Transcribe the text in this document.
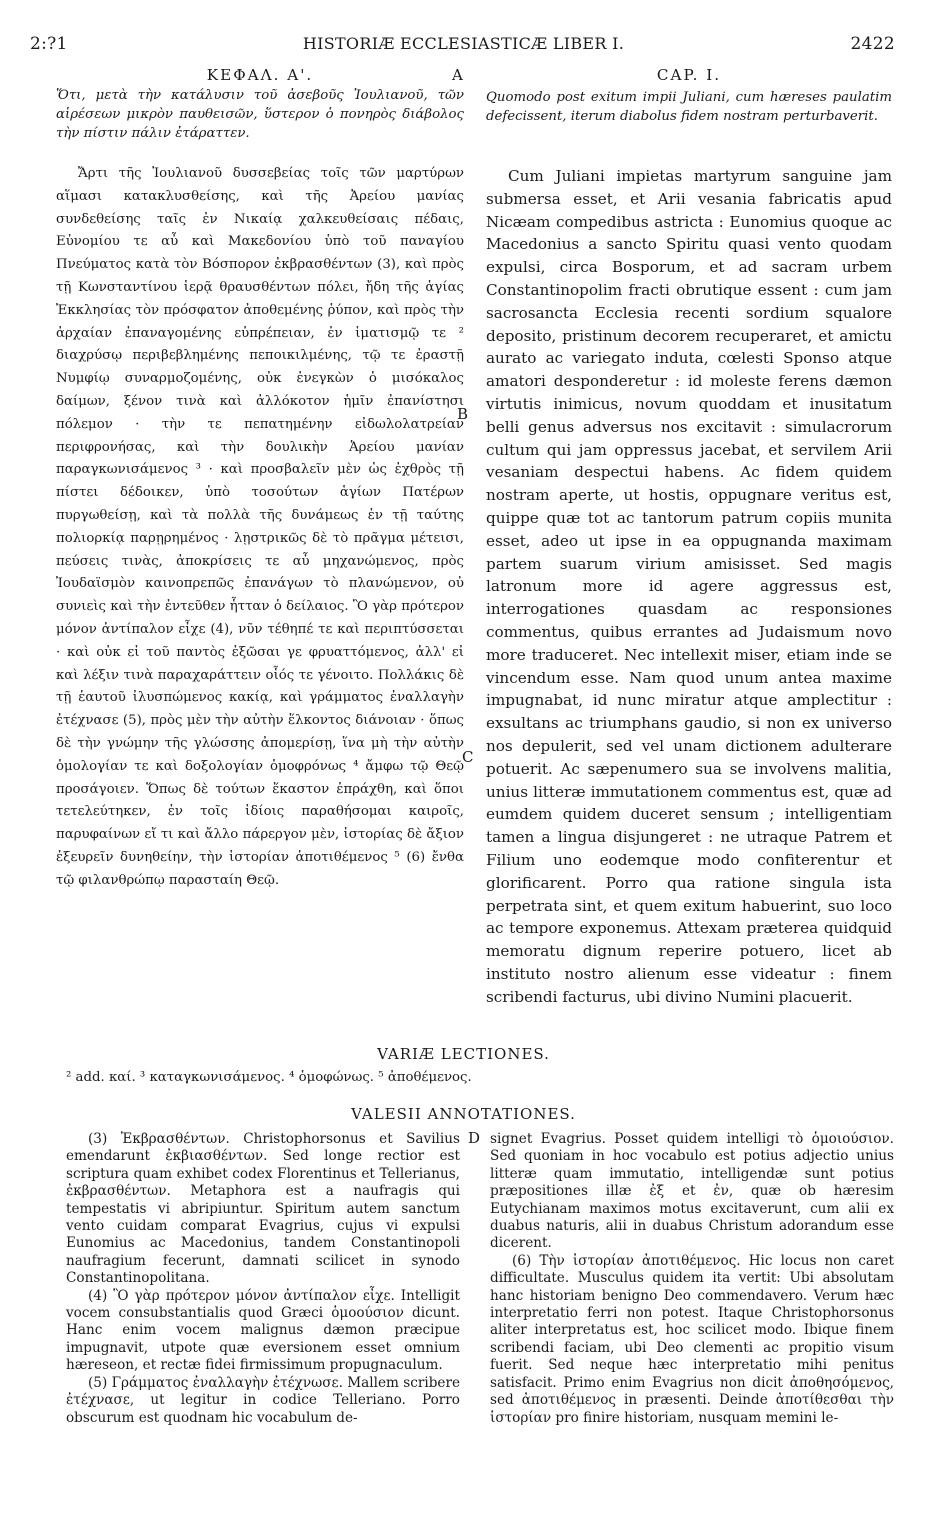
2:?1	HISTORIÆ ECCLESIASTICÆ LIBER I.	2422
ΚΕΦΑΛ. Α'.	A	CAP. I.
Ὅτι, μετὰ τὴν κατάλυσιν τοῦ ἀσεβοῦς Ἰουλιανοῦ, τῶν αἱρέσεων μικρὸν παυθεισῶν, ὕστερον ὁ πονηρὸς διάβολος τὴν πίστιν πάλιν ἐτάραττεν.
Quomodo post exitum impii Juliani, cum hæreses paulatim defecissent, iterum diabolus fidem nostram perturbaverit.
Ἄρτι τῆς Ἰουλιανοῦ δυσσεβείας τοῖς τῶν μαρτύρων αἵμασι κατακλυσθείσης, καὶ τῆς Ἀρείου μανίας συνδεθείσης ταῖς ἐν Νικαίᾳ χαλκευθείσαις πέδαις, Εὐνομίου τε αὖ καὶ Μακεδονίου ὑπὸ τοῦ παναγίου Πνεύματος κατὰ τὸν Βόσπορον ἐκβρασθέντων (3), καὶ πρὸς τῇ Κωνσταντίνου ἱερᾷ θραυσθέντων πόλει, ἤδη τῆς ἁγίας Ἐκκλησίας τὸν πρόσφατον ἀποθεμένης ῥύπον, καὶ πρὸς τὴν ἀρχαίαν ἐπαναγομένης εὐπρέπειαν, ἐν ἱματισμῷ τε ² διαχρύσῳ περιβεβλημένης πεποικιλμένης, τῷ τε ἐραστῇ Νυμφίῳ συναρμοζομένης, οὐκ ἐνεγκὼν ὁ μισόκαλος δαίμων, ξένον τινὰ καὶ ἀλλόκοτον ἡμῖν ἐπανίστησι πόλεμον · τὴν τε πεπατημένην εἰδωλολατρείαν περιφρονήσας, καὶ τὴν δουλικὴν Ἀρείου μανίαν παραγκωνισάμενος ³ · καὶ προσβαλεῖν μὲν ὡς ἐχθρὸς τῇ πίστει δέδοικεν, ὑπὸ τοσούτων ἁγίων Πατέρων πυργωθείσῃ, καὶ τὰ πολλὰ τῆς δυνάμεως ἐν τῇ ταύτης πολιορκίᾳ παρῃρημένος · λῃστρικῶς δὲ τὸ πρᾶγμα μέτεισι, πεύσεις τινὰς, ἀποκρίσεις τε αὖ μηχανώμενος, πρὸς Ἰουδαϊσμὸν καινοπρεπῶς ἐπανάγων τὸ πλανώμενον, οὐ συνιεὶς καὶ τὴν ἐντεῦθεν ἧτταν ὁ δείλαιος. Ὃ γὰρ πρότερον μόνον ἀντίπαλον εἶχε (4), νῦν τέθηπέ τε καὶ περιπτύσσεται · καὶ οὐκ εἰ τοῦ παντὸς ἐξῶσαι γε φρυαττόμενος, ἀλλ' εἰ καὶ λέξιν τινὰ παραχαράττειν οἷός τε γένοιτο. Πολλάκις δὲ τῇ ἑαυτοῦ ἰλυσπώμενος κακίᾳ, καὶ γράμματος ἐναλλαγὴν ἐτέχνασε (5), πρὸς μὲν τὴν αὐτὴν ἕλκοντος διάνοιαν · ὅπως δὲ τὴν γνώμην τῆς γλώσσης ἀπομερίσῃ, ἵνα μὴ τὴν αὐτὴν ὁμολογίαν τε καὶ δοξολογίαν ὁμοφρόνως ⁴ ἄμφω τῷ Θεῷ προσάγοιεν. Ὅπως δὲ τούτων ἕκαστον ἐπράχθη, καὶ ὅποι τετελεύτηκεν, ἐν τοῖς ἰδίοις παραθήσομαι καιροῖς, παρυφαίνων εἴ τι καὶ ἄλλο πάρεργον μὲν, ἱστορίας δὲ ἄξιον ἐξευρεῖν δυνηθείην, τὴν ἱστορίαν ἀποτιθέμενος ⁵ (6) ἔνθα τῷ φιλανθρώπῳ παρασταίη Θεῷ.
Cum Juliani impietas martyrum sanguine jam submersa esset, et Arii vesania fabricatis apud Nicæam compedibus astricta : Eunomius quoque ac Macedonius a sancto Spiritu quasi vento quodam expulsi, circa Bosporum, et ad sacram urbem Constantinopolim fracti obrutique essent : cum jam sacrosancta Ecclesia recenti sordium squalore deposito, pristinum decorem recuperaret, et amictu aurato ac variegato induta, cœlesti Sponso atque amatori desponderetur : id moleste ferens dæmon virtutis inimicus, novum quoddam et inusitatum belli genus adversus nos excitavit : simulacrorum cultum qui jam oppressus jacebat, et servilem Arii vesaniam despectui habens. Ac fidem quidem nostram aperte, ut hostis, oppugnare veritus est, quippe quæ tot ac tantorum patrum copiis munita esset, adeo ut ipse in ea oppugnanda maximam partem suarum virium amisisset. Sed magis latronum more id agere aggressus est, interrogationes quasdam ac responsiones commentus, quibus errantes ad Judaismum novo more traduceret. Nec intellexit miser, etiam inde se vincendum esse. Nam quod unum antea maxime impugnabat, id nunc miratur atque amplectitur : exsultans ac triumphans gaudio, si non ex universo nos depulerit, sed vel unam dictionem adulterare potuerit. Ac sæpenumero sua se involvens malitia, unius litteræ immutationem commentus est, quæ ad eumdem quidem duceret sensum ; intelligentiam tamen a lingua disjungeret : ne utraque Patrem et Filium uno eodemque modo confiterentur et glorificarent. Porro qua ratione singula ista perpetrata sint, et quem exitum habuerint, suo loco ac tempore exponemus. Attexam præterea quidquid memoratu dignum reperire potuero, licet ab instituto nostro alienum esse videatur : finem scribendi facturus, ubi divino Numini placuerit.
B
C
VARIÆ LECTIONES.
² add. καί. ³ καταγκωνισάμενος. ⁴ ὁμοφώνως. ⁵ ἀποθέμενος.
VALESII ANNOTATIONES.

(3) Ἐκβρασθέντων. Christophorsonus et Savilius emendarunt ἐκβιασθέντων. Sed longe rectior est scriptura quam exhibet codex Florentinus et Tellerianus, ἐκβρασθέντων. Metaphora est a naufragis qui tempestatis vi abripiuntur. Spiritum autem sanctum vento cuidam comparat Evagrius, cujus vi expulsi Eunomius ac Macedonius, tandem Constantinopoli naufragium fecerunt, damnati scilicet in synodo Constantinopolitana.

(4) Ὃ γὰρ πρότερον μόνον ἀντίπαλον εἶχε. Intelligit vocem consubstantialis quod Græci ὁμοούσιον dicunt. Hanc enim vocem malignus dæmon præcipue impugnavit, utpote quæ eversionem esset omnium hæreseon, et rectæ fidei firmissimum propugnaculum.

(5) Γράμματος ἐναλλαγὴν ἐτέχνωσε. Mallem scribere ἐτέχνασε, ut legitur in codice Telleriano. Porro obscurum est quodnam hic vocabulum de-

D signet Evagrius. Posset quidem intelligi τὸ ὁμοιούσιον. Sed quoniam in hoc vocabulo est potius adjectio unius litteræ quam immutatio, intelligendæ sunt potius præpositiones illæ ἐξ et ἐν, quæ ob hæresim Eutychianam maximos motus excitaverunt, cum alii ex duabus naturis, alii in duabus Christum adorandum esse dicerent.

(6) Τὴν ἱστορίαν ἀποτιθέμενος. Hic locus non caret difficultate. Musculus quidem ita vertit: Ubi absolutam hanc historiam benigno Deo commendavero. Verum hæc interpretatio ferri non potest. Itaque Christophorsonus aliter interpretatus est, hoc scilicet modo. Ibique finem scribendi faciam, ubi Deo clementi ac propitio visum fuerit. Sed neque hæc interpretatio mihi penitus satisfacit. Primo enim Evagrius non dicit ἀποθησόμενος, sed ἀποτιθέμενος in præsenti. Deinde ἀποτίθεσθαι τὴν ἱστορίαν pro finire historiam, nusquam memini le-
